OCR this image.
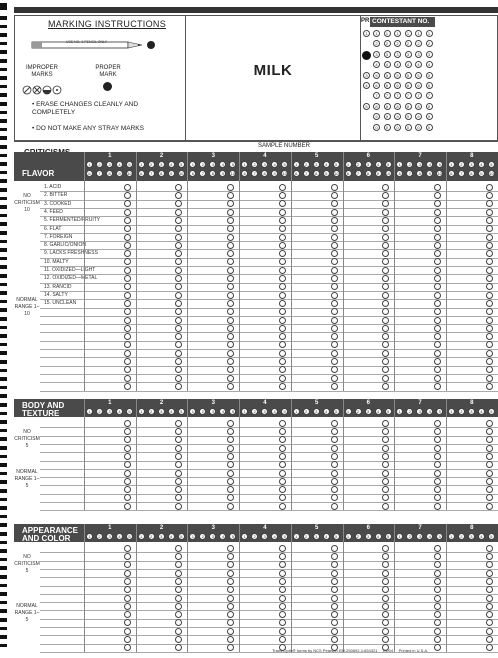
MARKING INSTRUCTIONS
USE NO. 2 PENCIL ONLY
IMPROPER MARKS
PROPER MARK
• ERASE CHANGES CLEANLY AND COMPLETELY
• DO NOT MAKE ANY STRAY MARKS
MILK
PR CONTESTANT NO.
1	1	1	1	1	1	1
2	2	2	2	2	2
3	3	3	3	3	3
4	4	4	4	4	4
3	5	5	5	5	5	5
4	6	6	6	6	6	6
7	7	7	7	7	7
5	8	8	8	8	8	8
9	9	9	9	9	9
0	0	0	0	0	0
SAMPLE NUMBER
FLAVOR
1
1	2	3	4	5
6	7	8	9	10
2
1	2	3	4	5
6	7	8	9	10
3
1	2	3	4	5
6	7	8	9	10
4
1	2	3	4	5
6	7	8	9	10
5
1	2	3	4	5
6	7	8	9	10
6
1	2	3	4	5
6	7	8	9	10
7
1	2	3	4	5
6	7	8	9	10
8
1	2	3	4	5
6	7	8	9	10
1. ACID
2. BITTER
3. COOKED
4. FEED
5. FERMENTED/FRUITY
6. FLAT
7. FOREIGN
8. GARLIC/ONION
9. LACKS FRESHNESS
10. MALTY
11. OXIDIZED—LIGHT
12. OXIDIZED—METAL
13. RANCID
14. SALTY
15. UNCLEAN
NO CRITICISM 10
NORMAL RANGE 1–10
BODY AND TEXTURE
1
1	2	3	4	5
2
1	2	3	4	5
3
1	2	3	4	5
4
1	2	3	4	5
5
1	2	3	4	5
6
1	2	3	4	5
7
1	2	3	4	5
8
1	2	3	4	5
NO CRITICISM 5
NORMAL RANGE 1–5
APPEARANCE AND COLOR
1
1	2	3	4	5
2
1	2	3	4	5
3
1	2	3	4	5
4
1	2	3	4	5
5
1	2	3	4	5
6
1	2	3	4	5
7
1	2	3	4	5
8
1	2	3	4	5
NO CRITICISM 5
NORMAL RANGE 1–5
Trans-Optic® forms by NCS Pearson EM-250692-1:654321     ED04     Printed in U.S.A.
